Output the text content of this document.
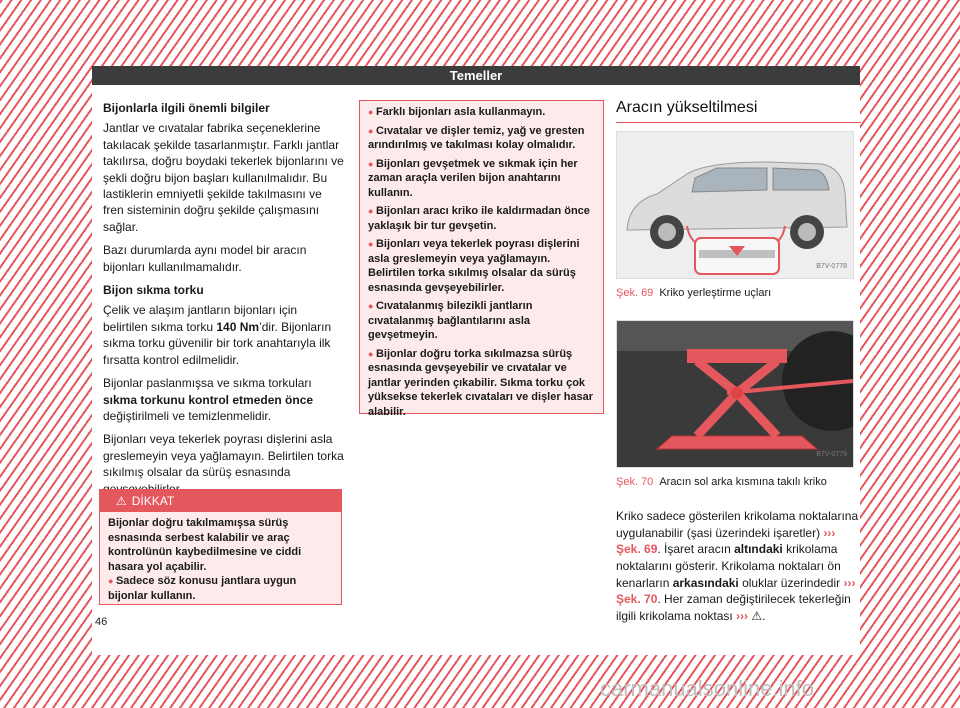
Temeller
Bijonlarla ilgili önemli bilgiler

Jantlar ve cıvatalar fabrika seçeneklerine takılacak şekilde tasarlanmıştır. Farklı jantlar takılırsa, doğru boydaki tekerlek bijonlarını ve şekli doğru bijon başları kullanılmalıdır. Bu lastiklerin emniyetli şekilde takılmasını ve fren sisteminin doğru şekilde çalışmasını sağlar.

Bazı durumlarda aynı model bir aracın bijonları kullanılmamalıdır.

Bijon sıkma torku

Çelik ve alaşım jantların bijonları için belirtilen sıkma torku 140 Nm’dir. Bijonların sıkma torku güvenilir bir tork anahtarıyla ilk fırsatta kontrol edilmelidir.

Bijonlar paslanmışsa ve sıkma torkuları sıkma torkunu kontrol etmeden önce değiştirilmeli ve temizlenmelidir.

Bijonları veya tekerlek poyrası dişlerini asla greslemeyin veya yağlamayın. Belirtilen torka sıkılmış olsalar da sürüş esnasında

⚠ DİKKAT
Bijonlar doğru takılmamışsa sürüş esnasında serbest kalabilir ve araç kontrolünün kaybedilmesine ve ciddi hasara yol açabilir.
● Sadece söz konusu jantlara uygun bijonlar kullanın.
● Farklı bijonları asla kullanmayın.
● Cıvatalar ve dişler temiz, yağ ve gresten arındırılmış ve takılması kolay olmalıdır.
● Bijonları gevşetmek ve sıkmak için her zaman araçla verilen bijon anahtarını kullanın.
● Bijonları aracı kriko ile kaldırmadan önce yaklaşık bir tur gevşetin.
● Bijonları veya tekerlek poyrası dişlerini asla greslemeyin veya yağlamayın. Belirtilen torka sıkılmış olsalar da sürüş esnasında gevşeyebilirler.
● Cıvatalanmış bilezikli jantların cıvatalanmış bağlantılarını asla gevşetmeyin.
● Bijonlar doğru torka sıkılmazsa sürüş esnasında gevşeyebilir ve cıvatalar ve jantlar yerinden çıkabilir. Sıkma torku çok yüksekse tekerlek cıvataları ve dişler hasar alabilir.
Aracın yükseltilmesi
B7V-0778
Şek. 69 Kriko yerleştirme uçları
B7V-0779
Şek. 70 Aracın sol arka kısmına takılı kriko
Kriko sadece gösterilen krikolama noktalarına uygulanabilir (şasi üzerindeki işaretler) ››› Şek. 69. İşaret aracın altındaki krikolama noktalarını gösterir. Krikolama noktaları ön kenarların arkasındaki oluklar üzerindedir ››› Şek. 70. Her zaman değiştirilecek tekerleğin ilgili krikolama noktası ››› ⚠.
46
carmanualsonline.info
